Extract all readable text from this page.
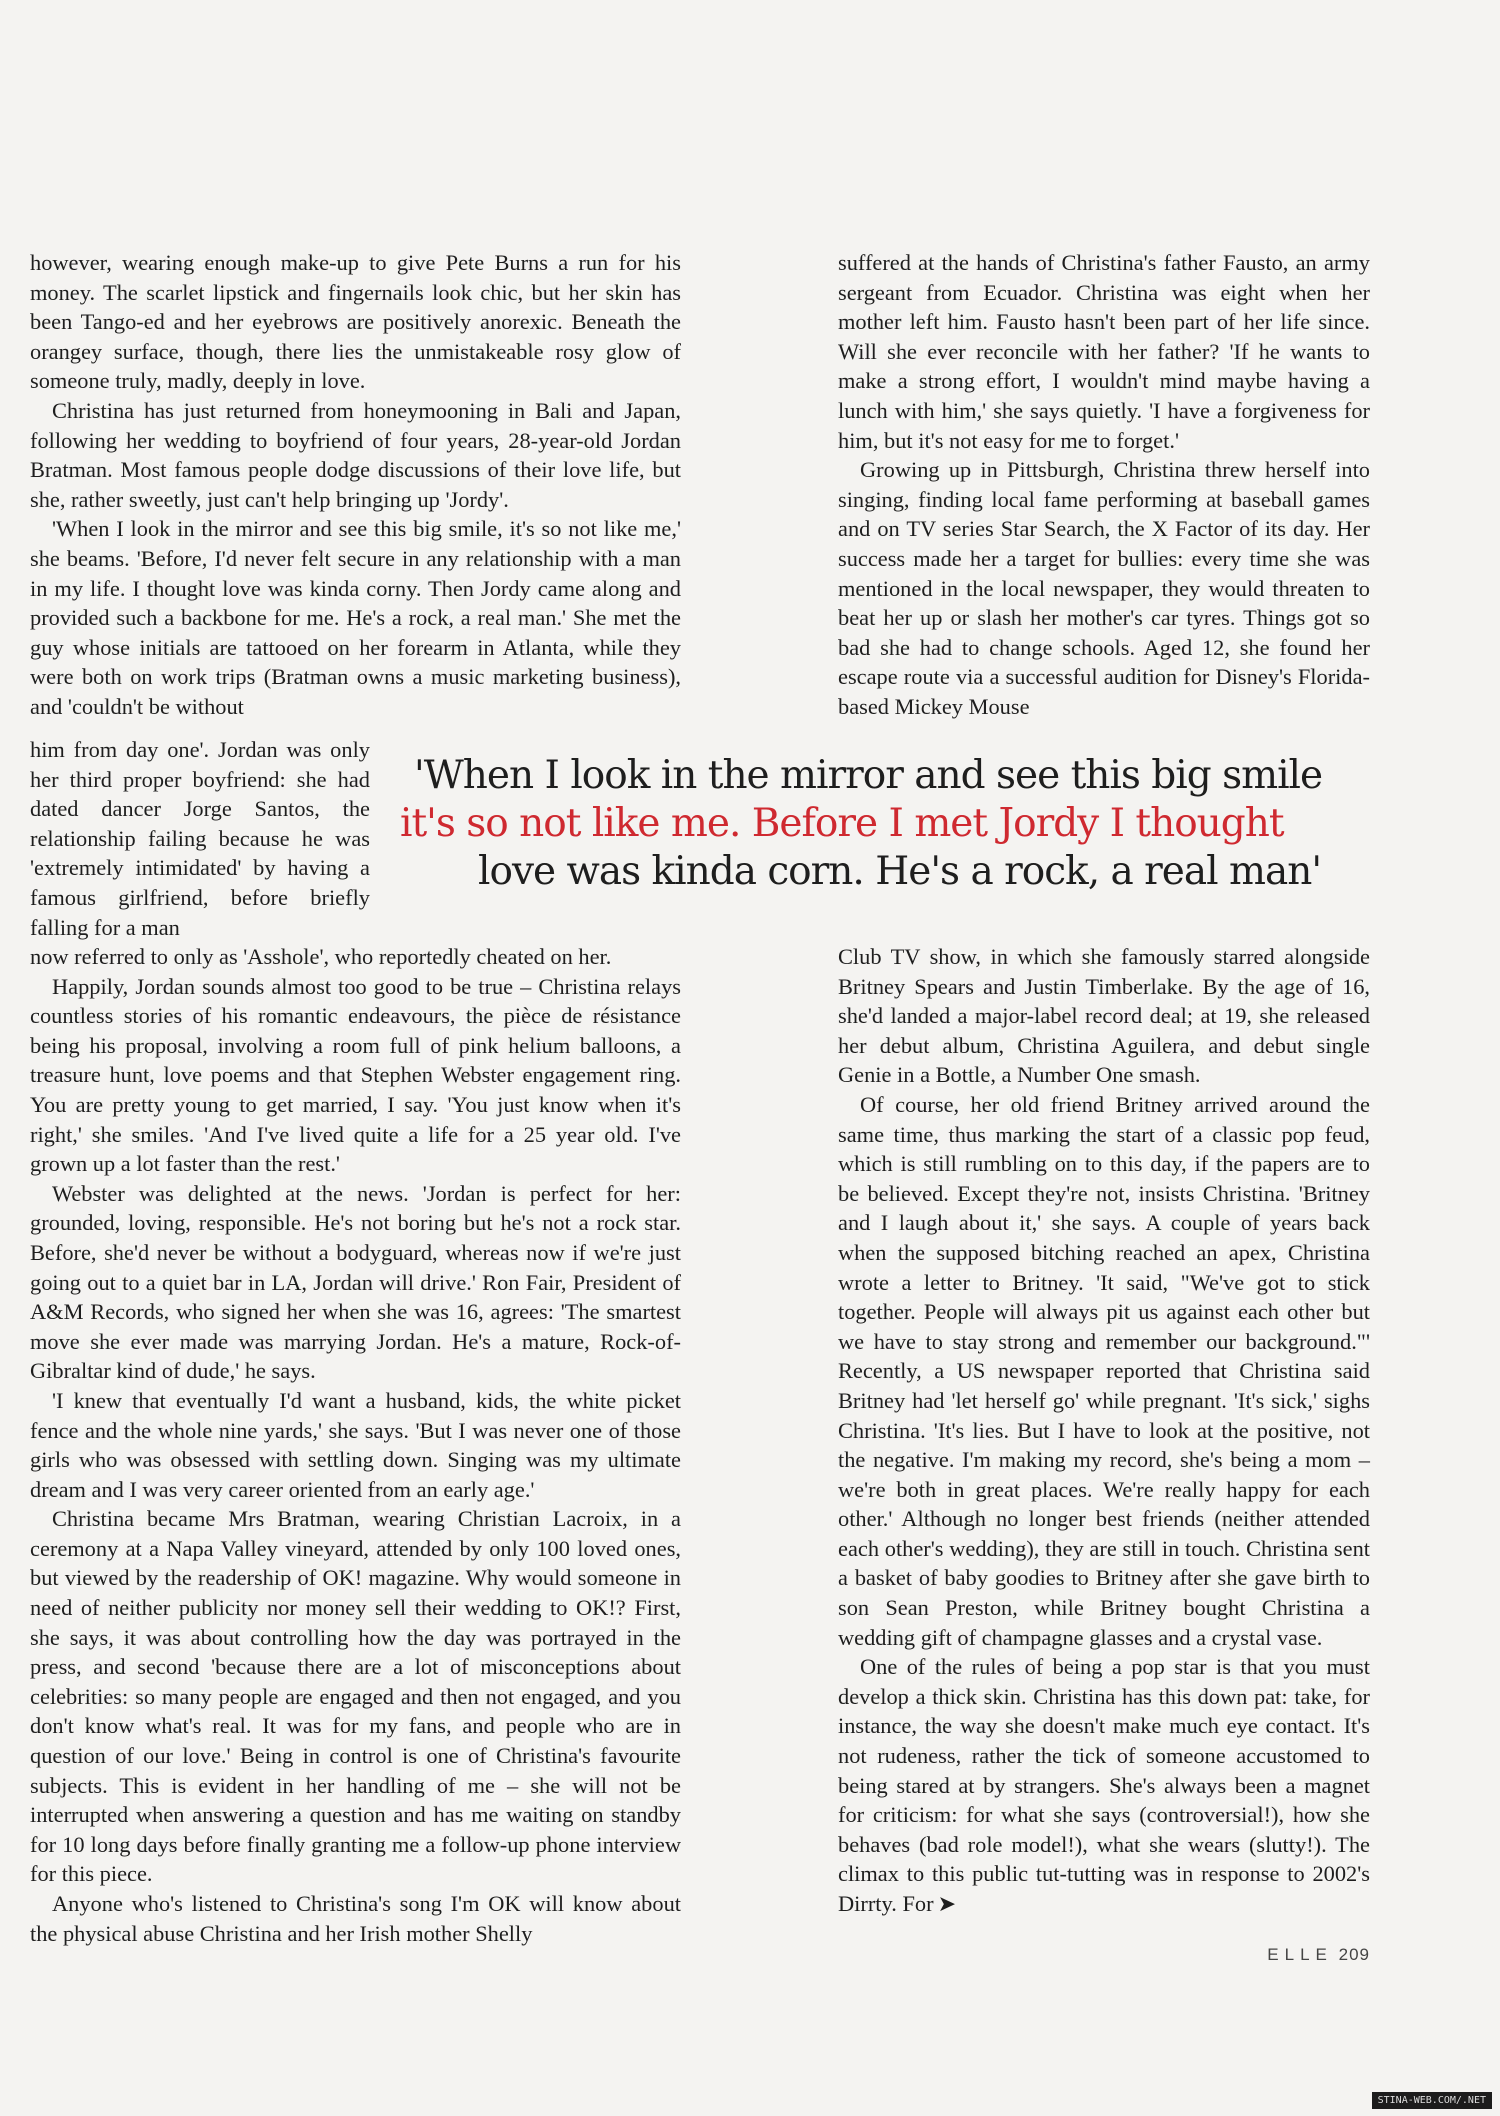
however, wearing enough make-up to give Pete Burns a run for his money. The scarlet lipstick and fingernails look chic, but her skin has been Tango-ed and her eyebrows are positively anorexic. Beneath the orangey surface, though, there lies the unmistakeable rosy glow of someone truly, madly, deeply in love.

Christina has just returned from honeymooning in Bali and Japan, following her wedding to boyfriend of four years, 28-year-old Jordan Bratman. Most famous people dodge discussions of their love life, but she, rather sweetly, just can't help bringing up 'Jordy'.

'When I look in the mirror and see this big smile, it's so not like me,' she beams. 'Before, I'd never felt secure in any relationship with a man in my life. I thought love was kinda corny. Then Jordy came along and provided such a backbone for me. He's a rock, a real man.' She met the guy whose initials are tattooed on her forearm in Atlanta, while they were both on work trips (Bratman owns a music marketing business), and 'couldn't be without

him from day one'. Jordan was only her third proper boyfriend: she had dated dancer Jorge Santos, the relationship failing because he was 'extremely intimidated' by having a famous girlfriend, before briefly falling for a man
'When I look in the mirror and see this big smile
it's so not like me. Before I met Jordy I thought
love was kinda corn. He's a rock, a real man'

now referred to only as 'Asshole', who reportedly cheated on her.

Happily, Jordan sounds almost too good to be true – Christina relays countless stories of his romantic endeavours, the pièce de résistance being his proposal, involving a room full of pink helium balloons, a treasure hunt, love poems and that Stephen Webster engagement ring. You are pretty young to get married, I say. 'You just know when it's right,' she smiles. 'And I've lived quite a life for a 25 year old. I've grown up a lot faster than the rest.'

Webster was delighted at the news. 'Jordan is perfect for her: grounded, loving, responsible. He's not boring but he's not a rock star. Before, she'd never be without a bodyguard, whereas now if we're just going out to a quiet bar in LA, Jordan will drive.' Ron Fair, President of A&M Records, who signed her when she was 16, agrees: 'The smartest move she ever made was marrying Jordan. He's a mature, Rock-of-Gibraltar kind of dude,' he says.

'I knew that eventually I'd want a husband, kids, the white picket fence and the whole nine yards,' she says. 'But I was never one of those girls who was obsessed with settling down. Singing was my ultimate dream and I was very career oriented from an early age.'

Christina became Mrs Bratman, wearing Christian Lacroix, in a ceremony at a Napa Valley vineyard, attended by only 100 loved ones, but viewed by the readership of OK! magazine. Why would someone in need of neither publicity nor money sell their wedding to OK!? First, she says, it was about controlling how the day was portrayed in the press, and second 'because there are a lot of misconceptions about celebrities: so many people are engaged and then not engaged, and you don't know what's real. It was for my fans, and people who are in question of our love.' Being in control is one of Christina's favourite subjects. This is evident in her handling of me – she will not be interrupted when answering a question and has me waiting on standby for 10 long days before finally granting me a follow-up phone interview for this piece.

Anyone who's listened to Christina's song I'm OK will know about the physical abuse Christina and her Irish mother Shelly

suffered at the hands of Christina's father Fausto, an army sergeant from Ecuador. Christina was eight when her mother left him. Fausto hasn't been part of her life since. Will she ever reconcile with her father? 'If he wants to make a strong effort, I wouldn't mind maybe having a lunch with him,' she says quietly. 'I have a forgiveness for him, but it's not easy for me to forget.'

Growing up in Pittsburgh, Christina threw herself into singing, finding local fame performing at baseball games and on TV series Star Search, the X Factor of its day. Her success made her a target for bullies: every time she was mentioned in the local newspaper, they would threaten to beat her up or slash her mother's car tyres. Things got so bad she had to change schools. Aged 12, she found her escape route via a successful audition for Disney's Florida-based Mickey Mouse

Club TV show, in which she famously starred alongside Britney Spears and Justin Timberlake. By the age of 16, she'd landed a major-label record deal; at 19, she released her debut album, Christina Aguilera, and debut single Genie in a Bottle, a Number One smash.

Of course, her old friend Britney arrived around the same time, thus marking the start of a classic pop feud, which is still rumbling on to this day, if the papers are to be believed. Except they're not, insists Christina. 'Britney and I laugh about it,' she says. A couple of years back when the supposed bitching reached an apex, Christina wrote a letter to Britney. 'It said, "We've got to stick together. People will always pit us against each other but we have to stay strong and remember our background."' Recently, a US newspaper reported that Christina said Britney had 'let herself go' while pregnant. 'It's sick,' sighs Christina. 'It's lies. But I have to look at the positive, not the negative. I'm making my record, she's being a mom – we're both in great places. We're really happy for each other.' Although no longer best friends (neither attended each other's wedding), they are still in touch. Christina sent a basket of baby goodies to Britney after she gave birth to son Sean Preston, while Britney bought Christina a wedding gift of champagne glasses and a crystal vase.

One of the rules of being a pop star is that you must develop a thick skin. Christina has this down pat: take, for instance, the way she doesn't make much eye contact. It's not rudeness, rather the tick of someone accustomed to being stared at by strangers. She's always been a magnet for criticism: for what she says (controversial!), how she behaves (bad role model!), what she wears (slutty!). The climax to this public tut-tutting was in response to 2002's Dirrty. For ➤

ELLE 209
STINA-WEB.COM/.NET
